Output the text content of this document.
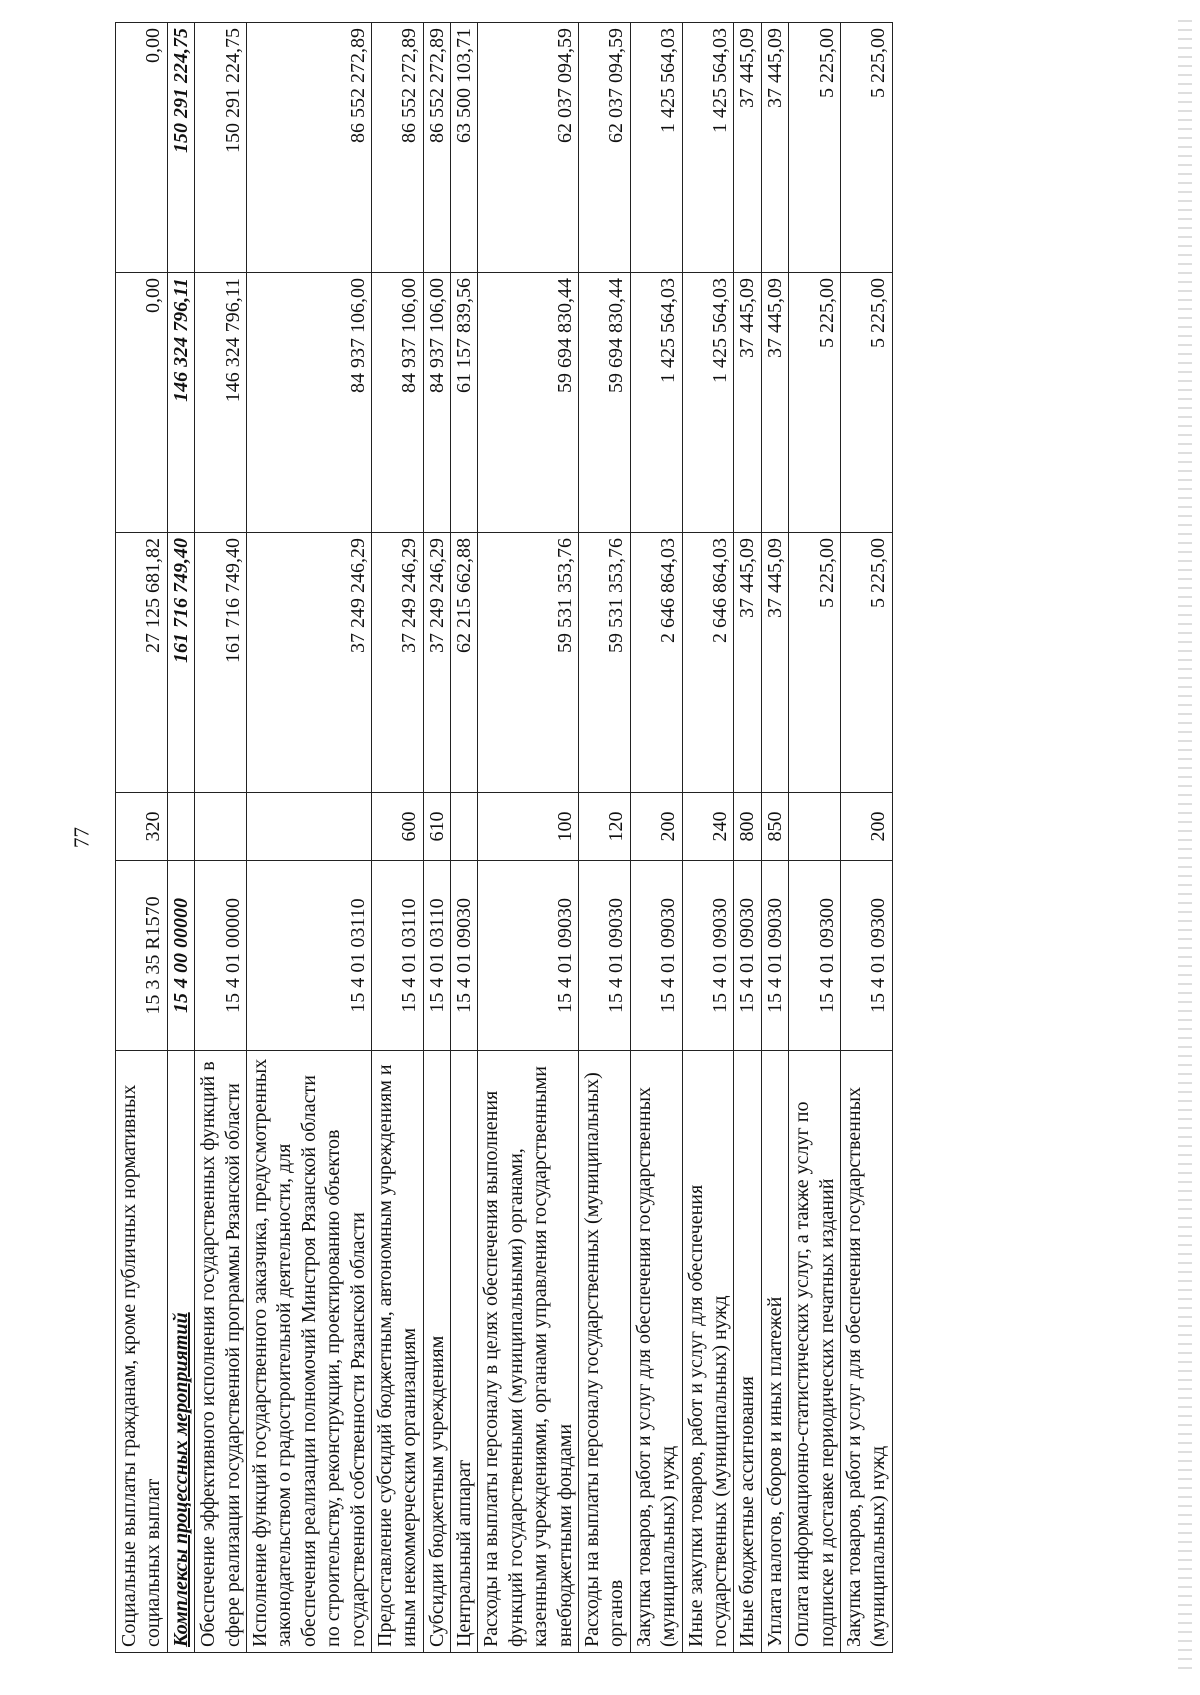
77
Социальные выплаты гражданам, кроме публичных нормативных социальных выплат	15 3 35 R1570	320	27 125 681,82	0,00	0,00
Комплексы процессных мероприятий	15 4 00 00000		161 716 749,40	146 324 796,11	150 291 224,75
Обеспечение эффективного исполнения государственных функций в сфере реализации государственной программы Рязанской области	15 4 01 00000		161 716 749,40	146 324 796,11	150 291 224,75
Исполнение функций государственного заказчика, предусмотренных законодательством о градостроительной деятельности, для обеспечения реализации полномочий Минстроя Рязанской области по строительству, реконструкции, проектированию объектов государственной собственности Рязанской области	15 4 01 03110		37 249 246,29	84 937 106,00	86 552 272,89
Предоставление субсидий бюджетным, автономным учреждениям и иным некоммерческим организациям	15 4 01 03110	600	37 249 246,29	84 937 106,00	86 552 272,89
Субсидии бюджетным учреждениям	15 4 01 03110	610	37 249 246,29	84 937 106,00	86 552 272,89
Центральный аппарат	15 4 01 09030		62 215 662,88	61 157 839,56	63 500 103,71
Расходы на выплаты персоналу в целях обеспечения выполнения функций государственными (муниципальными) органами, казенными учреждениями, органами управления государственными внебюджетными фондами	15 4 01 09030	100	59 531 353,76	59 694 830,44	62 037 094,59
Расходы на выплаты персоналу государственных (муниципальных) органов	15 4 01 09030	120	59 531 353,76	59 694 830,44	62 037 094,59
Закупка товаров, работ и услуг для обеспечения государственных (муниципальных) нужд	15 4 01 09030	200	2 646 864,03	1 425 564,03	1 425 564,03
Иные закупки товаров, работ и услуг для обеспечения государственных (муниципальных) нужд	15 4 01 09030	240	2 646 864,03	1 425 564,03	1 425 564,03
Иные бюджетные ассигнования	15 4 01 09030	800	37 445,09	37 445,09	37 445,09
Уплата налогов, сборов и иных платежей	15 4 01 09030	850	37 445,09	37 445,09	37 445,09
Оплата информационно-статистических услуг, а также услуг по подписке и доставке периодических печатных изданий	15 4 01 09300		5 225,00	5 225,00	5 225,00
Закупка товаров, работ и услуг для обеспечения государственных (муниципальных) нужд	15 4 01 09300	200	5 225,00	5 225,00	5 225,00
